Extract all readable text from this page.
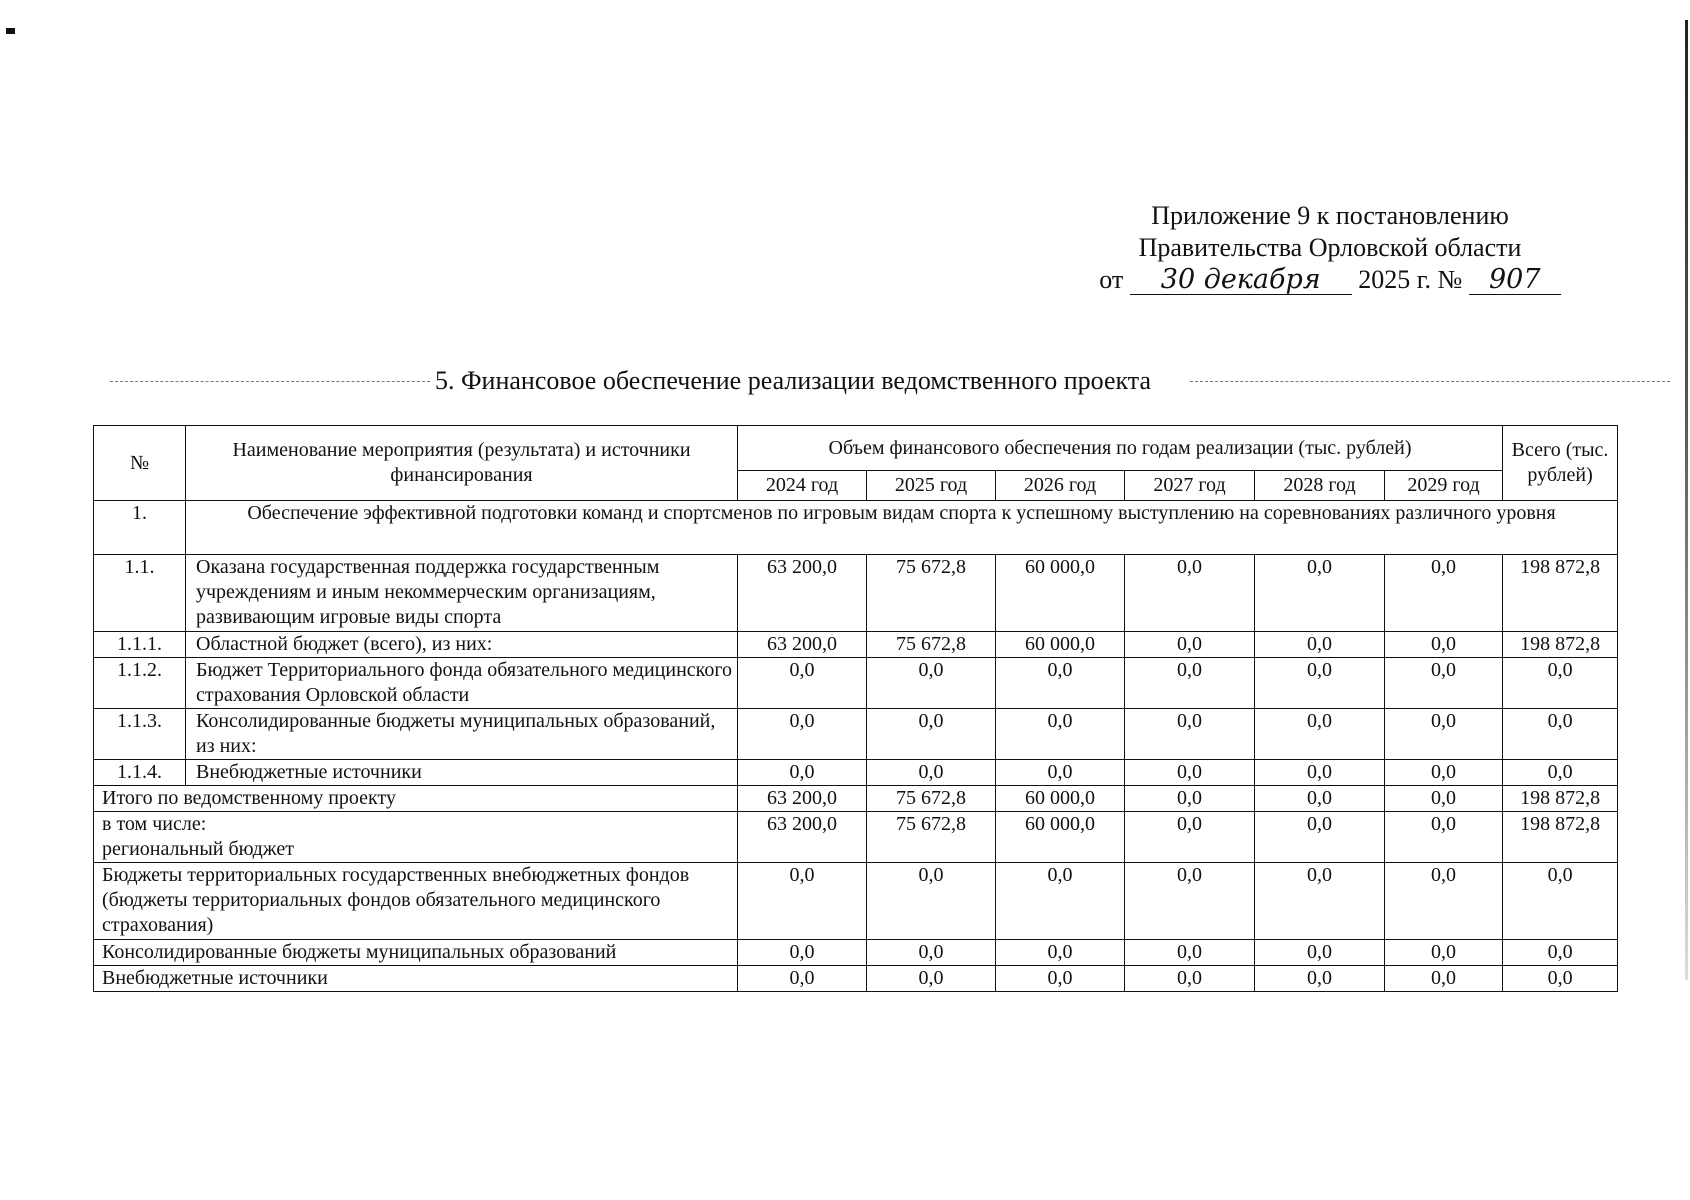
Приложение 9 к постановлению
Правительства Орловской области
от 30 декабря 2025 г. № 907
5. Финансовое обеспечение реализации ведомственного проекта
№	Наименование мероприятия (результата) и источники финансирования	Объем финансового обеспечения по годам реализации (тыс. рублей)						Всего (тыс. рублей)
		2024 год	2025 год	2026 год	2027 год	2028 год	2029 год	
1.	Обеспечение эффективной подготовки команд и спортсменов по игровым видам спорта к успешному выступлению на соревнованиях различного уровня							
1.1.	Оказана государственная поддержка государственным учреждениям и иным некоммерческим организациям, развивающим игровые виды спорта	63 200,0	75 672,8	60 000,0	0,0	0,0	0,0	198 872,8
1.1.1.	Областной бюджет (всего), из них:	63 200,0	75 672,8	60 000,0	0,0	0,0	0,0	198 872,8
1.1.2.	Бюджет Территориального фонда обязательного медицинского страхования Орловской области	0,0	0,0	0,0	0,0	0,0	0,0	0,0
1.1.3.	Консолидированные бюджеты муниципальных образований, из них:	0,0	0,0	0,0	0,0	0,0	0,0	0,0
1.1.4.	Внебюджетные источники	0,0	0,0	0,0	0,0	0,0	0,0	0,0
Итого по ведомственному проекту		63 200,0	75 672,8	60 000,0	0,0	0,0	0,0	198 872,8

в том числе:
региональный бюджет		63 200,0	75 672,8	60 000,0	0,0	0,0	0,0	198 872,8
Бюджеты территориальных государственных внебюджетных фондов (бюджеты территориальных фондов обязательного медицинского страхования)		0,0	0,0	0,0	0,0	0,0	0,0	0,0
Консолидированные бюджеты муниципальных образований		0,0	0,0	0,0	0,0	0,0	0,0	0,0
Внебюджетные источники		0,0	0,0	0,0	0,0	0,0	0,0	0,0
